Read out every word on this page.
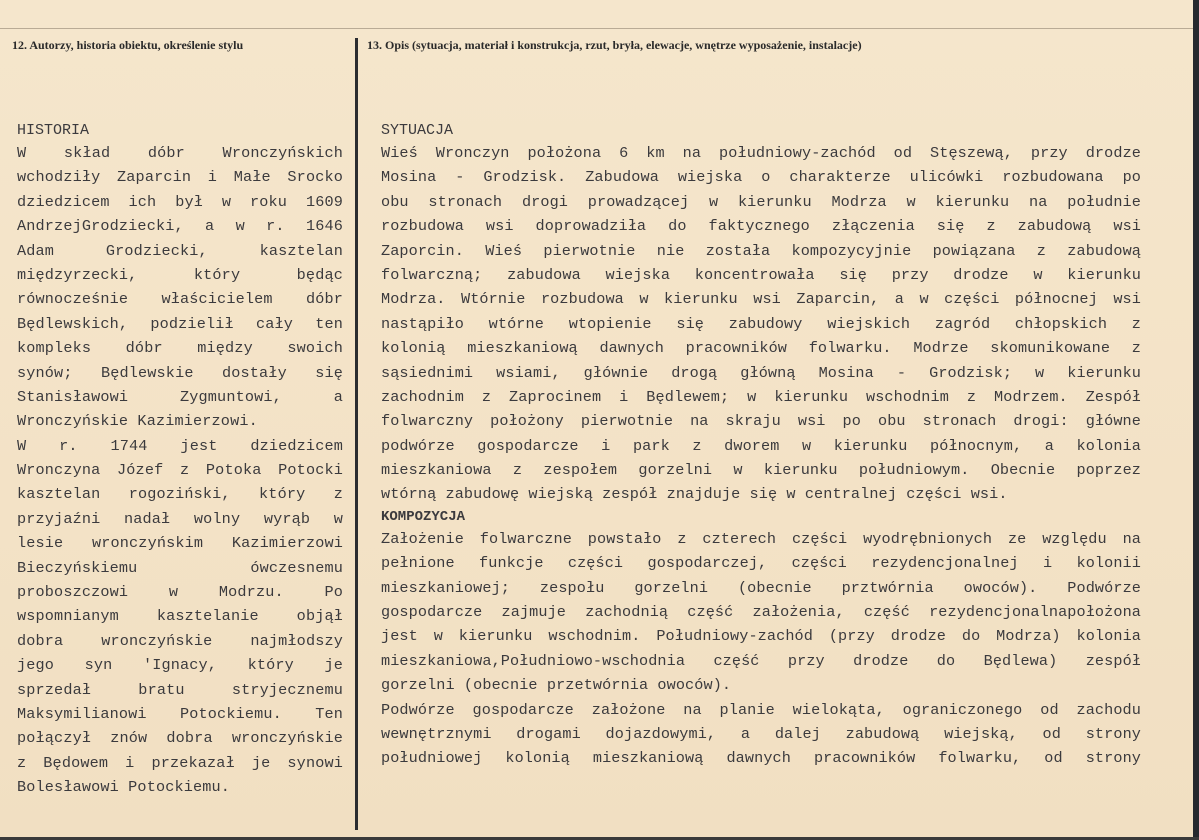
12. Autorzy, historia obiektu, określenie stylu	13. Opis (sytuacja, materiał i konstrukcja, rzut, bryła, elewacje, wnętrze wyposażenie, instalacje)
HISTORIA
W skład dóbr Wronczyńskich
wchodziły Zaparcin i Małe Srocko
dziedzicem ich był w roku 1609
AndrzejGrodziecki, a w r. 1646
Adam Grodziecki, kasztelan
międzyrzecki, który będąc
równocześnie właścicielem dóbr
Będlewskich, podzielił cały ten
kompleks dóbr między swoich
synów; Będlewskie dostały się
Stanisławowi Zygmuntowi, a
Wronczyńskie Kazimierzowi.
W r. 1744 jest dziedzicem
Wronczyna Józef z Potoka Potocki
kasztelan rogoziński, który z
przyjaźni nadał wolny wyrąb w
lesie wronczyńskim Kazimierzowi
Bieczyńskiemu ówczesnemu
proboszczowi w Modrzu. Po
wspomnianym kasztelanie objął
dobra wronczyńskie najmłodszy
jego syn 'Ignacy, który je
sprzedał bratu stryjecznemu
Maksymilianowi Potockiemu. Ten
połączył znów dobra wronczyńskie
z Będowem i przekazał je synowi
Bolesławowi Potockiemu.
SYTUACJA
Wieś Wronczyn położona 6 km na południowy-zachód od Stęszewą, przy drodze
Mosina - Grodzisk. Zabudowa wiejska o charakterze ulicówki rozbudowana po
obu stronach drogi prowadzącej w kierunku Modrza w kierunku na południe
rozbudowa wsi doprowadziła do faktycznego złączenia się z zabudową wsi
Zaporcin. Wieś pierwotnie nie została kompozycyjnie powiązana z zabudową
folwarczną; zabudowa wiejska koncentrowała się przy drodze w kierunku
Modrza. Wtórnie rozbudowa w kierunku wsi Zaparcin, a w części północnej wsi
nastąpiło wtórne wtopienie się zabudowy wiejskich zagród chłopskich z
kolonią mieszkaniową dawnych pracowników folwarku. Modrze skomunikowane z
sąsiednimi wsiami, głównie drogą główną Mosina - Grodzisk; w kierunku
zachodnim z Zaprocinem i Będlewem; w kierunku wschodnim z Modrzem. Zespół
folwarczny położony pierwotnie na skraju wsi po obu stronach drogi: główne
podwórze gospodarcze i park z dworem w kierunku północnym, a kolonia
mieszkaniowa z zespołem gorzelni w kierunku południowym. Obecnie poprzez
wtórną zabudowę wiejską zespół znajduje się w centralnej części wsi.
KOMPOZYCJA
Założenie folwarczne powstało z czterech części wyodrębnionych ze względu na
pełnione funkcje części gospodarczej, części rezydencjonalnej i kolonii
mieszkaniowej; zespołu gorzelni (obecnie prztwórnia owoców). Podwórze
gospodarcze zajmuje zachodnią część założenia, część rezydencjonalnapołożona
jest w kierunku wschodnim. Południowy-zachód (przy drodze do Modrza) kolonia
mieszkaniowa,Południowo-wschodnia część przy drodze do Będlewa) zespół
gorzelni (obecnie przetwórnia owoców).
Podwórze gospodarcze założone na planie wielokąta, ograniczonego od zachodu
wewnętrznymi drogami dojazdowymi, a dalej zabudową wiejską, od strony
południowej kolonią mieszkaniową dawnych pracowników folwarku, od strony
